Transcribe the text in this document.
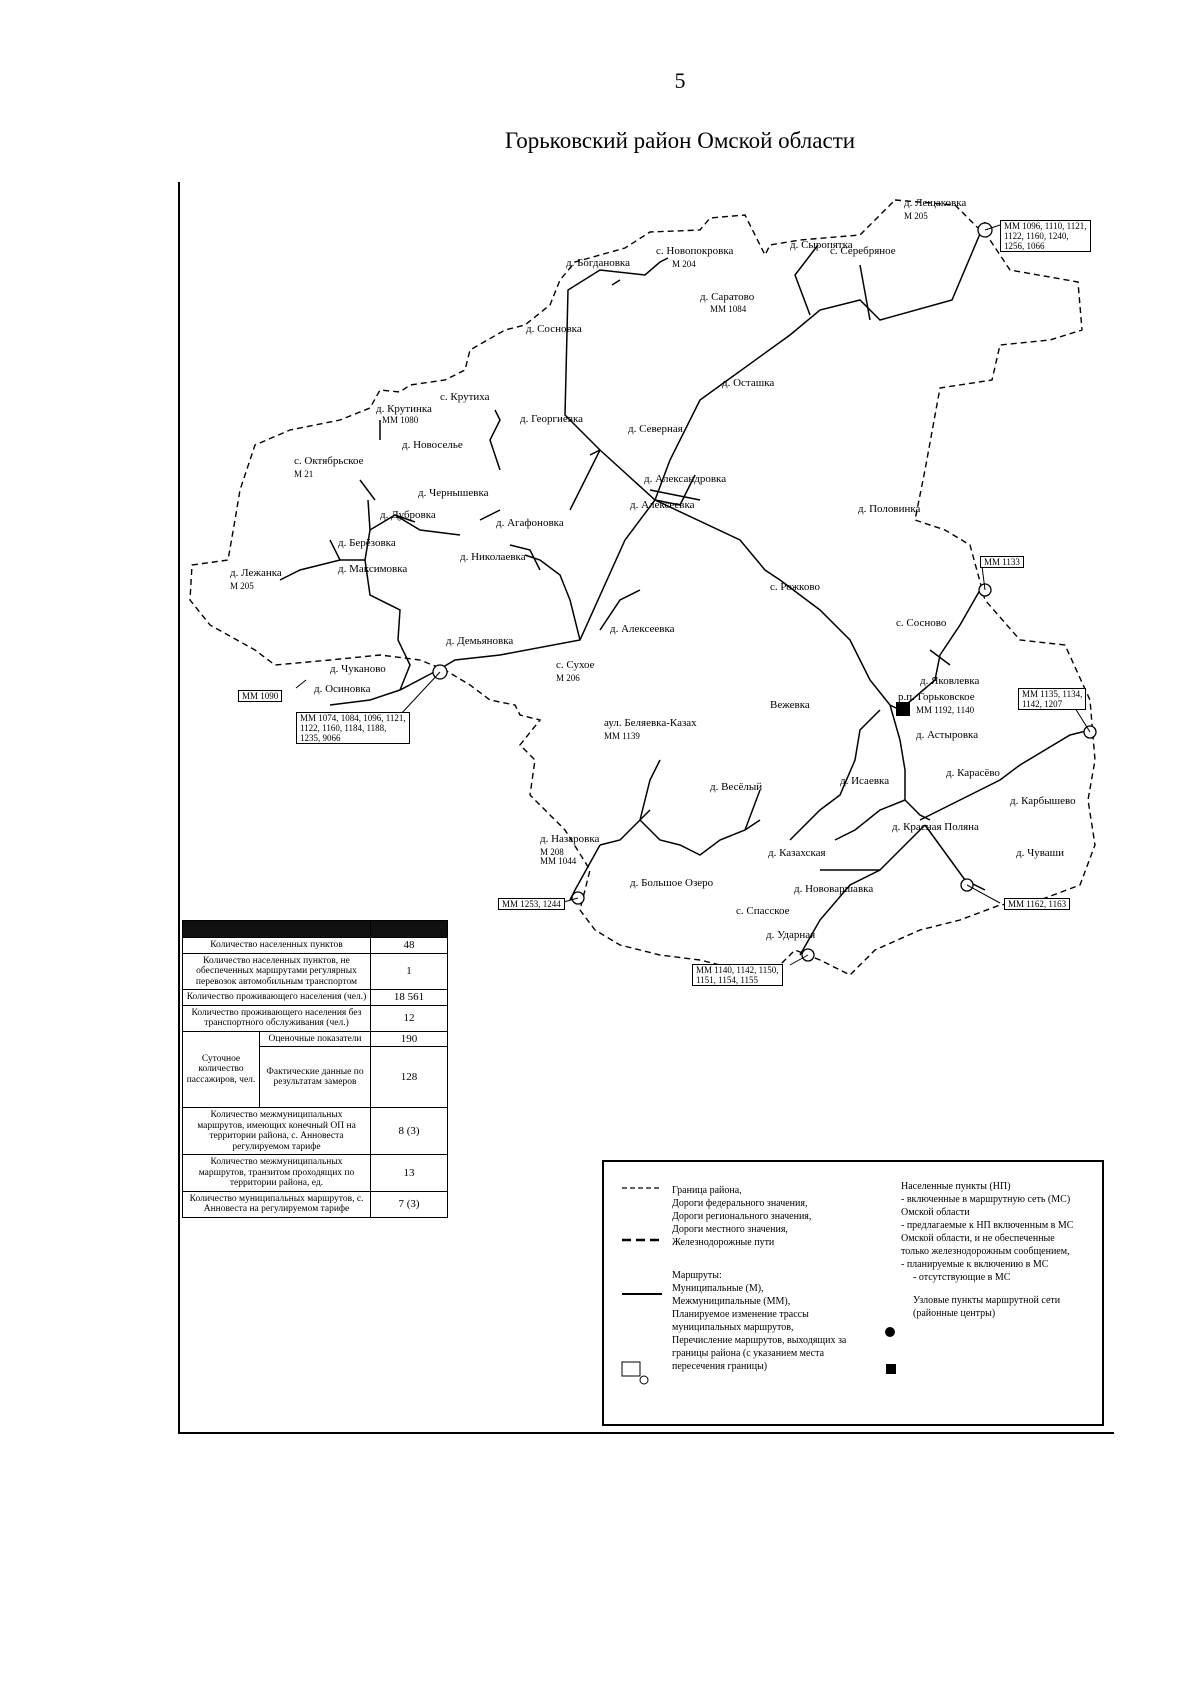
5
Горьковский район Омской области
д. Лещаковка
М 205
с. Новопокровка
М 204
д. Богдановка
д. Сыропятка
с. Серебряное
д. Саратово
ММ 1084
д. Сосновка
д. Осташка
с. Крутиха
д. Крутинка
ММ 1080	д. Георгиевка
д. Северная
д. Новоселье
с. Октябрьское
М 21	д. Александровка
д. Чернышевка
д. Алексеевка
д. Дубровка
д. Агафоновка
д. Половинка
д. Берёзовка
д. Николаевка
д. Лежанка
М 205
д. Максимовка
с. Рожково
с. Сосново
д. Алексеевка
д. Демьяновка
с. Сухое
М 206
д. Чуканово
д. Осиновка
д. Яковлевка
р.п. Горьковское
ММ 1192, 1140
Вежевка
аул. Беляевка-Казах
ММ 1139	д. Астыровка
д. Карасёво
д. Исаевка
д. Весёлый
д. Карбышево
д. Красная Поляна
д. Назаровка
М 208 ММ 1044
д. Чуваши
д. Казахская
д. Большое Озеро	д. Нововаршавка
с. Спасское
д. Ударная
ММ 1096, 1110, 1121,
1122, 1160, 1240,
1256, 1066
ММ 1090
ММ 1074, 1084, 1096, 1121,
1122, 1160, 1184, 1188,
1235, 9066
ММ 1133
ММ 1135, 1134,
1142, 1207
ММ 1253, 1244	ММ 1162, 1163
ММ 1140, 1142, 1150,
1151, 1154, 1155

Количество населенных пунктов		48
Количество населенных пунктов, не обеспеченных маршрутами регулярных перевозок автомобильным транспортом		1
Количество проживающего населения (чел.)		18 561
Количество проживающего населения без транспортного обслуживания (чел.)		12
Суточное количество пассажиров, чел.	Оценочные показатели	190
	Фактические данные по результатам замеров	128
Количество межмуниципальных маршрутов, имеющих конечный ОП на территории района, с. Анновеста регулируемом тарифе		8 (3)
Количество межмуниципальных маршрутов, транзитом проходящих по территории района, ед.		13
Количество муниципальных маршрутов, с. Анновеста на регулируемом тарифе		7 (3)
Граница района,
Дороги федерального значения,
Дороги регионального значения,
Дороги местного значения,
Железнодорожные пути
Маршруты:
Муниципальные (М),
Межмуниципальные (ММ),
Планируемое изменение трассы муниципальных маршрутов,
Перечисление маршрутов, выходящих за границы района (с указанием места пересечения границы)
Населенные пункты (НП)
- включенные в маршрутную сеть (МС)
Омской области
- предлагаемые к НП включенным в МС
Омской области, и не обеспеченные
только железнодорожным сообщением,
- планируемые к включению в МС
- отсутствующие в МС
Узловые пункты маршрутной сети (районные центры)
